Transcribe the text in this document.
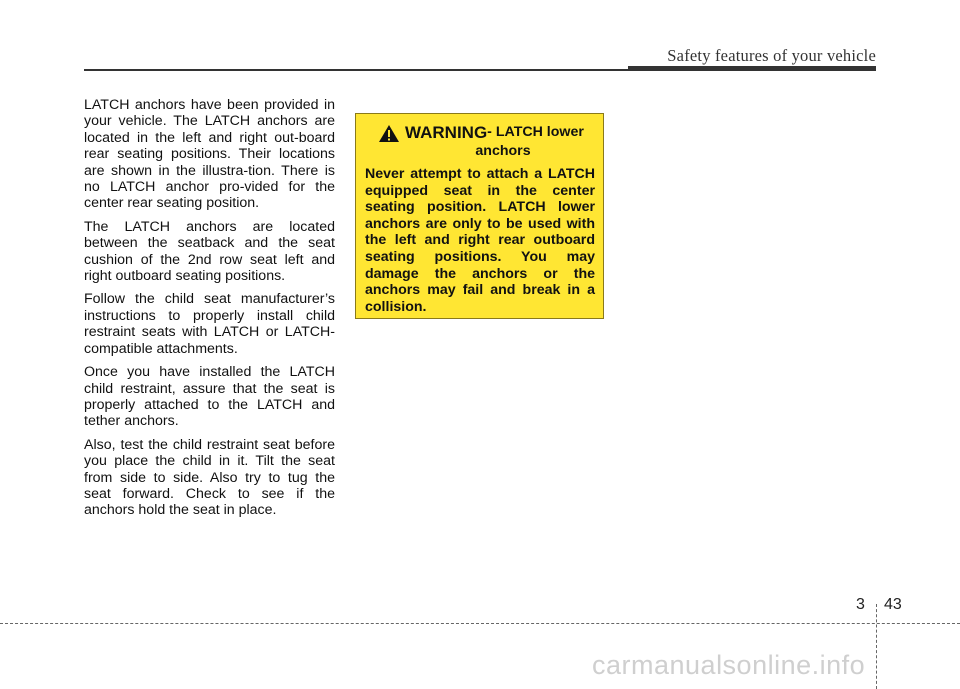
Safety features of your vehicle

LATCH anchors have been provided in your vehicle. The LATCH anchors are located in the left and right out-board rear seating positions. Their locations are shown in the illustra-tion. There is no LATCH anchor pro-vided for the center rear seating position.

The LATCH anchors are located between the seatback and the seat cushion of the 2nd row seat left and right outboard seating positions.

Follow the child seat manufacturer’s instructions to properly install child restraint seats with LATCH or LATCH-compatible attachments.

Once you have installed the LATCH child restraint, assure that the seat is properly attached to the LATCH and tether anchors.

Also, test the child restraint seat before you place the child in it. Tilt the seat from side to side. Also try to tug the seat forward. Check to see if the anchors hold the seat in place.

WARNING - LATCH lower
anchors
Never attempt to attach a LATCH equipped seat in the center seating position. LATCH lower anchors are only to be used with the left and right rear outboard seating positions. You may damage the anchors or the anchors may fail and break in a collision.
3 43
carmanualsonline.info
